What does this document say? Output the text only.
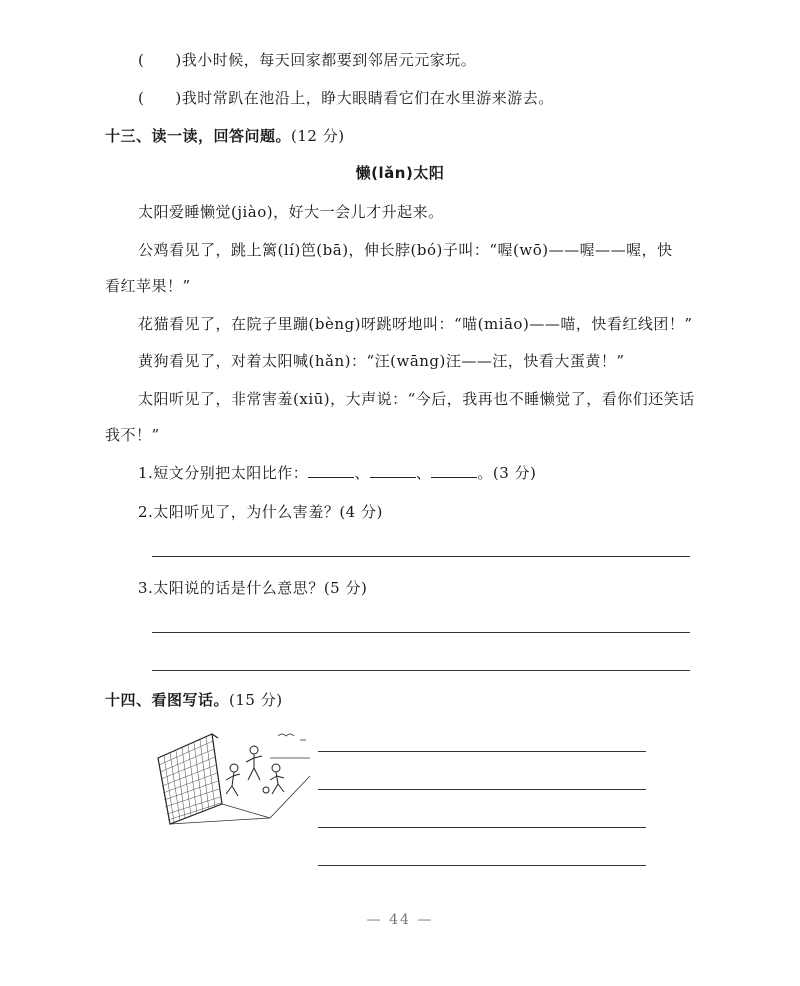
(　　)我小时候，每天回家都要到邻居元元家玩。
(　　)我时常趴在池沿上，睁大眼睛看它们在水里游来游去。
十三、读一读，回答问题。(12 分)
懒(lǎn)太阳
太阳爱睡懒觉(jiào)，好大一会儿才升起来。
公鸡看见了，跳上篱(lí)笆(bā)，伸长脖(bó)子叫：“喔(wō)——喔——喔，快
看红苹果！”
花猫看见了，在院子里蹦(bèng)呀跳呀地叫：“喵(miāo)——喵，快看红线团！”
黄狗看见了，对着太阳喊(hǎn)：“汪(wāng)汪——汪，快看大蛋黄！”
太阳听见了，非常害羞(xiū)，大声说：“今后，我再也不睡懒觉了，看你们还笑话
我不！”
1.短文分别把太阳比作：	、	、	。(3 分)
2.太阳听见了，为什么害羞？(4 分)
3.太阳说的话是什么意思？(5 分)
十四、看图写话。(15 分)
— 44 —
